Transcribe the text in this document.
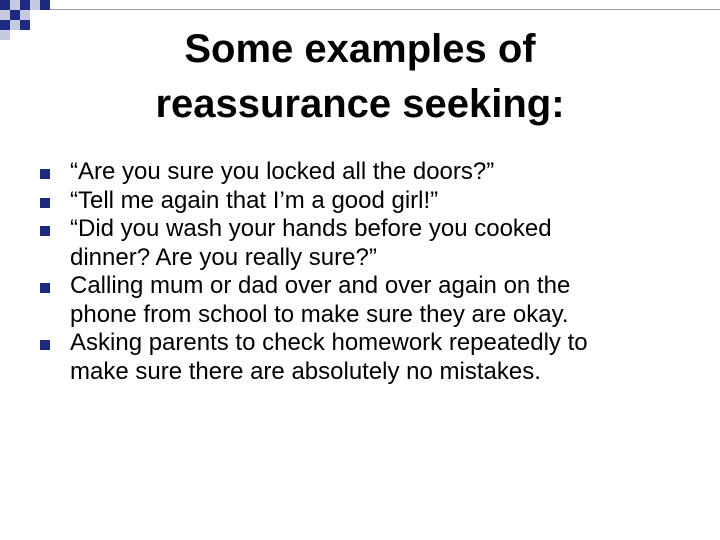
Some examples of
reassurance seeking:
“Are you sure you locked all the doors?”
“Tell me again that I’m a good girl!”
“Did you wash your hands before you cooked
dinner? Are you really sure?”
Calling mum or dad over and over again on the
phone from school to make sure they are okay.
Asking parents to check homework repeatedly to
make sure there are absolutely no mistakes.
